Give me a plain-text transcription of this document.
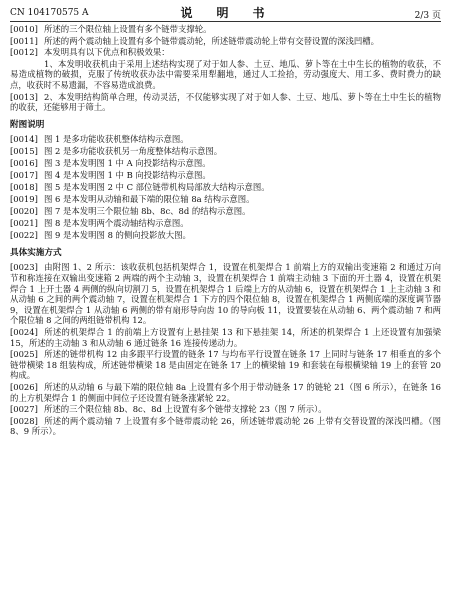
CN 104170575 A	说　明　书	2/3 页
[0010] 所述的三个限位轴上设置有多个链带支撑轮。
[0011] 所述的两个震动轴上设置有多个链带震动轮，所述链带震动轮上带有交替设置的深浅凹槽。
[0012] 本发明具有以下优点和积极效果：
1、本发明收获机由于采用上述结构实现了对于如人参、土豆、地瓜、萝卜等在土中生长的植物的收获，不易造成植物的破损，克服了传统收获办法中需要采用犁翻地，通过人工捡拾，劳动强度大、用工多、费时费力的缺点，收获时不易遗漏，不容易造成浪费。
[0013] 2、本发明结构简单合理，传动灵活，不仅能够实现了对于如人参、土豆、地瓜、萝卜等在土中生长的植物的收获，还能够用于筛土。
附图说明
[0014] 图 1 是多功能收获机整体结构示意图。
[0015] 图 2 是多功能收获机另一角度整体结构示意图。
[0016] 图 3 是本发明图 1 中 A 向投影结构示意图。
[0017] 图 4 是本发明图 1 中 B 向投影结构示意图。
[0018] 图 5 是本发明图 2 中 C 部位链带机构局部放大结构示意图。
[0019] 图 6 是本发明从动轴和最下端的限位轴 8a 结构示意图。
[0020] 图 7 是本发明三个限位轴 8b、8c、8d 的结构示意图。
[0021] 图 8 是本发明两个震动轴结构示意图。
[0022] 图 9 是本发明图 8 的侧向投影放大图。
具体实施方式
[0023] 由附图 1、2 所示：该收获机包括机架焊合 1，设置在机架焊合 1 前端上方的双输出变速箱 2 和通过万向节和称连接在双输出变速箱 2 两端的两个主动轴 3，设置在机架焊合 1 前端主动轴 3 下面的开土器 4，设置在机架焊合 1 上开土器 4 两侧的纵向切割刀 5，设置在机架焊合 1 后端上方的从动轴 6，设置在机架焊合 1 上主动轴 3 和从动轴 6 之间的两个震动轴 7，设置在机架焊合 1 下方的四个限位轴 8，设置在机架焊合 1 两侧底端的深度调节器 9，设置在机架焊合 1 从动轴 6 两侧的带有扇形导向齿 10 的导向板 11，设置要装在从动轴 6、两个震动轴 7 和两个限位轴 8 之间的两组链带机构 12。
[0024] 所述的机架焊合 1 的前端上方设置有上悬挂架 13 和下悬挂架 14，所述的机架焊合 1 上还设置有加强梁 15，所述的主动轴 3 和从动轴 6 通过链条 16 连接传递动力。
[0025] 所述的链带机构 12 由多跟平行设置的链条 17 与均布平行设置在链条 17 上同时与链条 17 相垂直的多个链带横梁 18 组装构成，所述链带横梁 18 是由固定在链条 17 上的横梁轴 19 和套装在每根横梁轴 19 上的套管 20 构成。
[0026] 所述的从动轴 6 与最下端的限位轴 8a 上设置有多个用于带动链条 17 的链轮 21（图 6 所示），在链条 16 的上方机架焊合 1 的侧面中间位子还设置有链条涨紧轮 22。
[0027] 所述的三个限位轴 8b、8c、8d 上设置有多个链带支撑轮 23（图 7 所示）。
[0028] 所述的两个震动轴 7 上设置有多个链带震动轮 26，所述链带震动轮 26 上带有交替设置的深浅凹槽。（图 8、9 所示）。
